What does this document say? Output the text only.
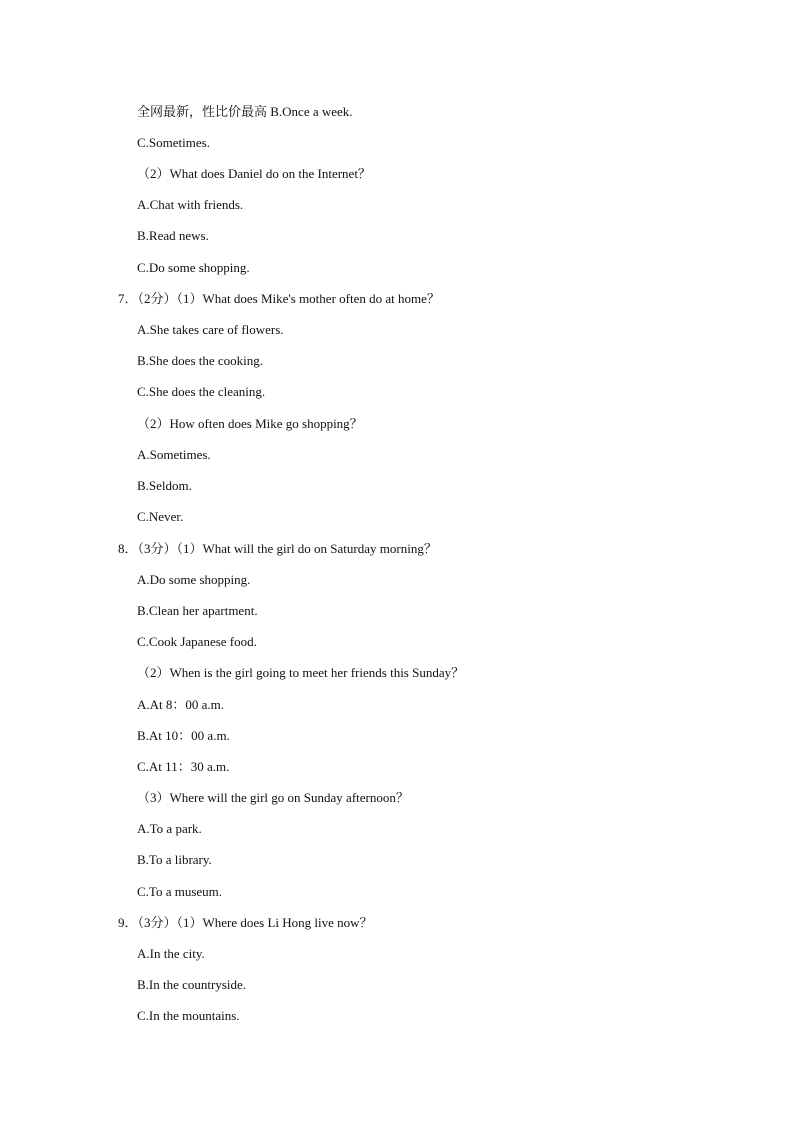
全网最新，性比价最高 B.Once a week.
C.Sometimes.
（2）What does Daniel do on the Internet？
A.Chat with friends.
B.Read news.
C.Do some shopping.
7．（2分）（1）What does Mike's mother often do at home？
A.She takes care of flowers.
B.She does the cooking.
C.She does the cleaning.
（2）How often does Mike go shopping？
A.Sometimes.
B.Seldom.
C.Never.
8．（3分）（1）What will the girl do on Saturday morning？
A.Do some shopping.
B.Clean her apartment.
C.Cook Japanese food.
（2）When is the girl going to meet her friends this Sunday？
A.At 8：00 a.m.
B.At 10：00 a.m.
C.At 11：30 a.m.
（3）Where will the girl go on Sunday afternoon？
A.To a park.
B.To a library.
C.To a museum.
9．（3分）（1）Where does Li Hong live now？
A.In the city.
B.In the countryside.
C.In the mountains.
